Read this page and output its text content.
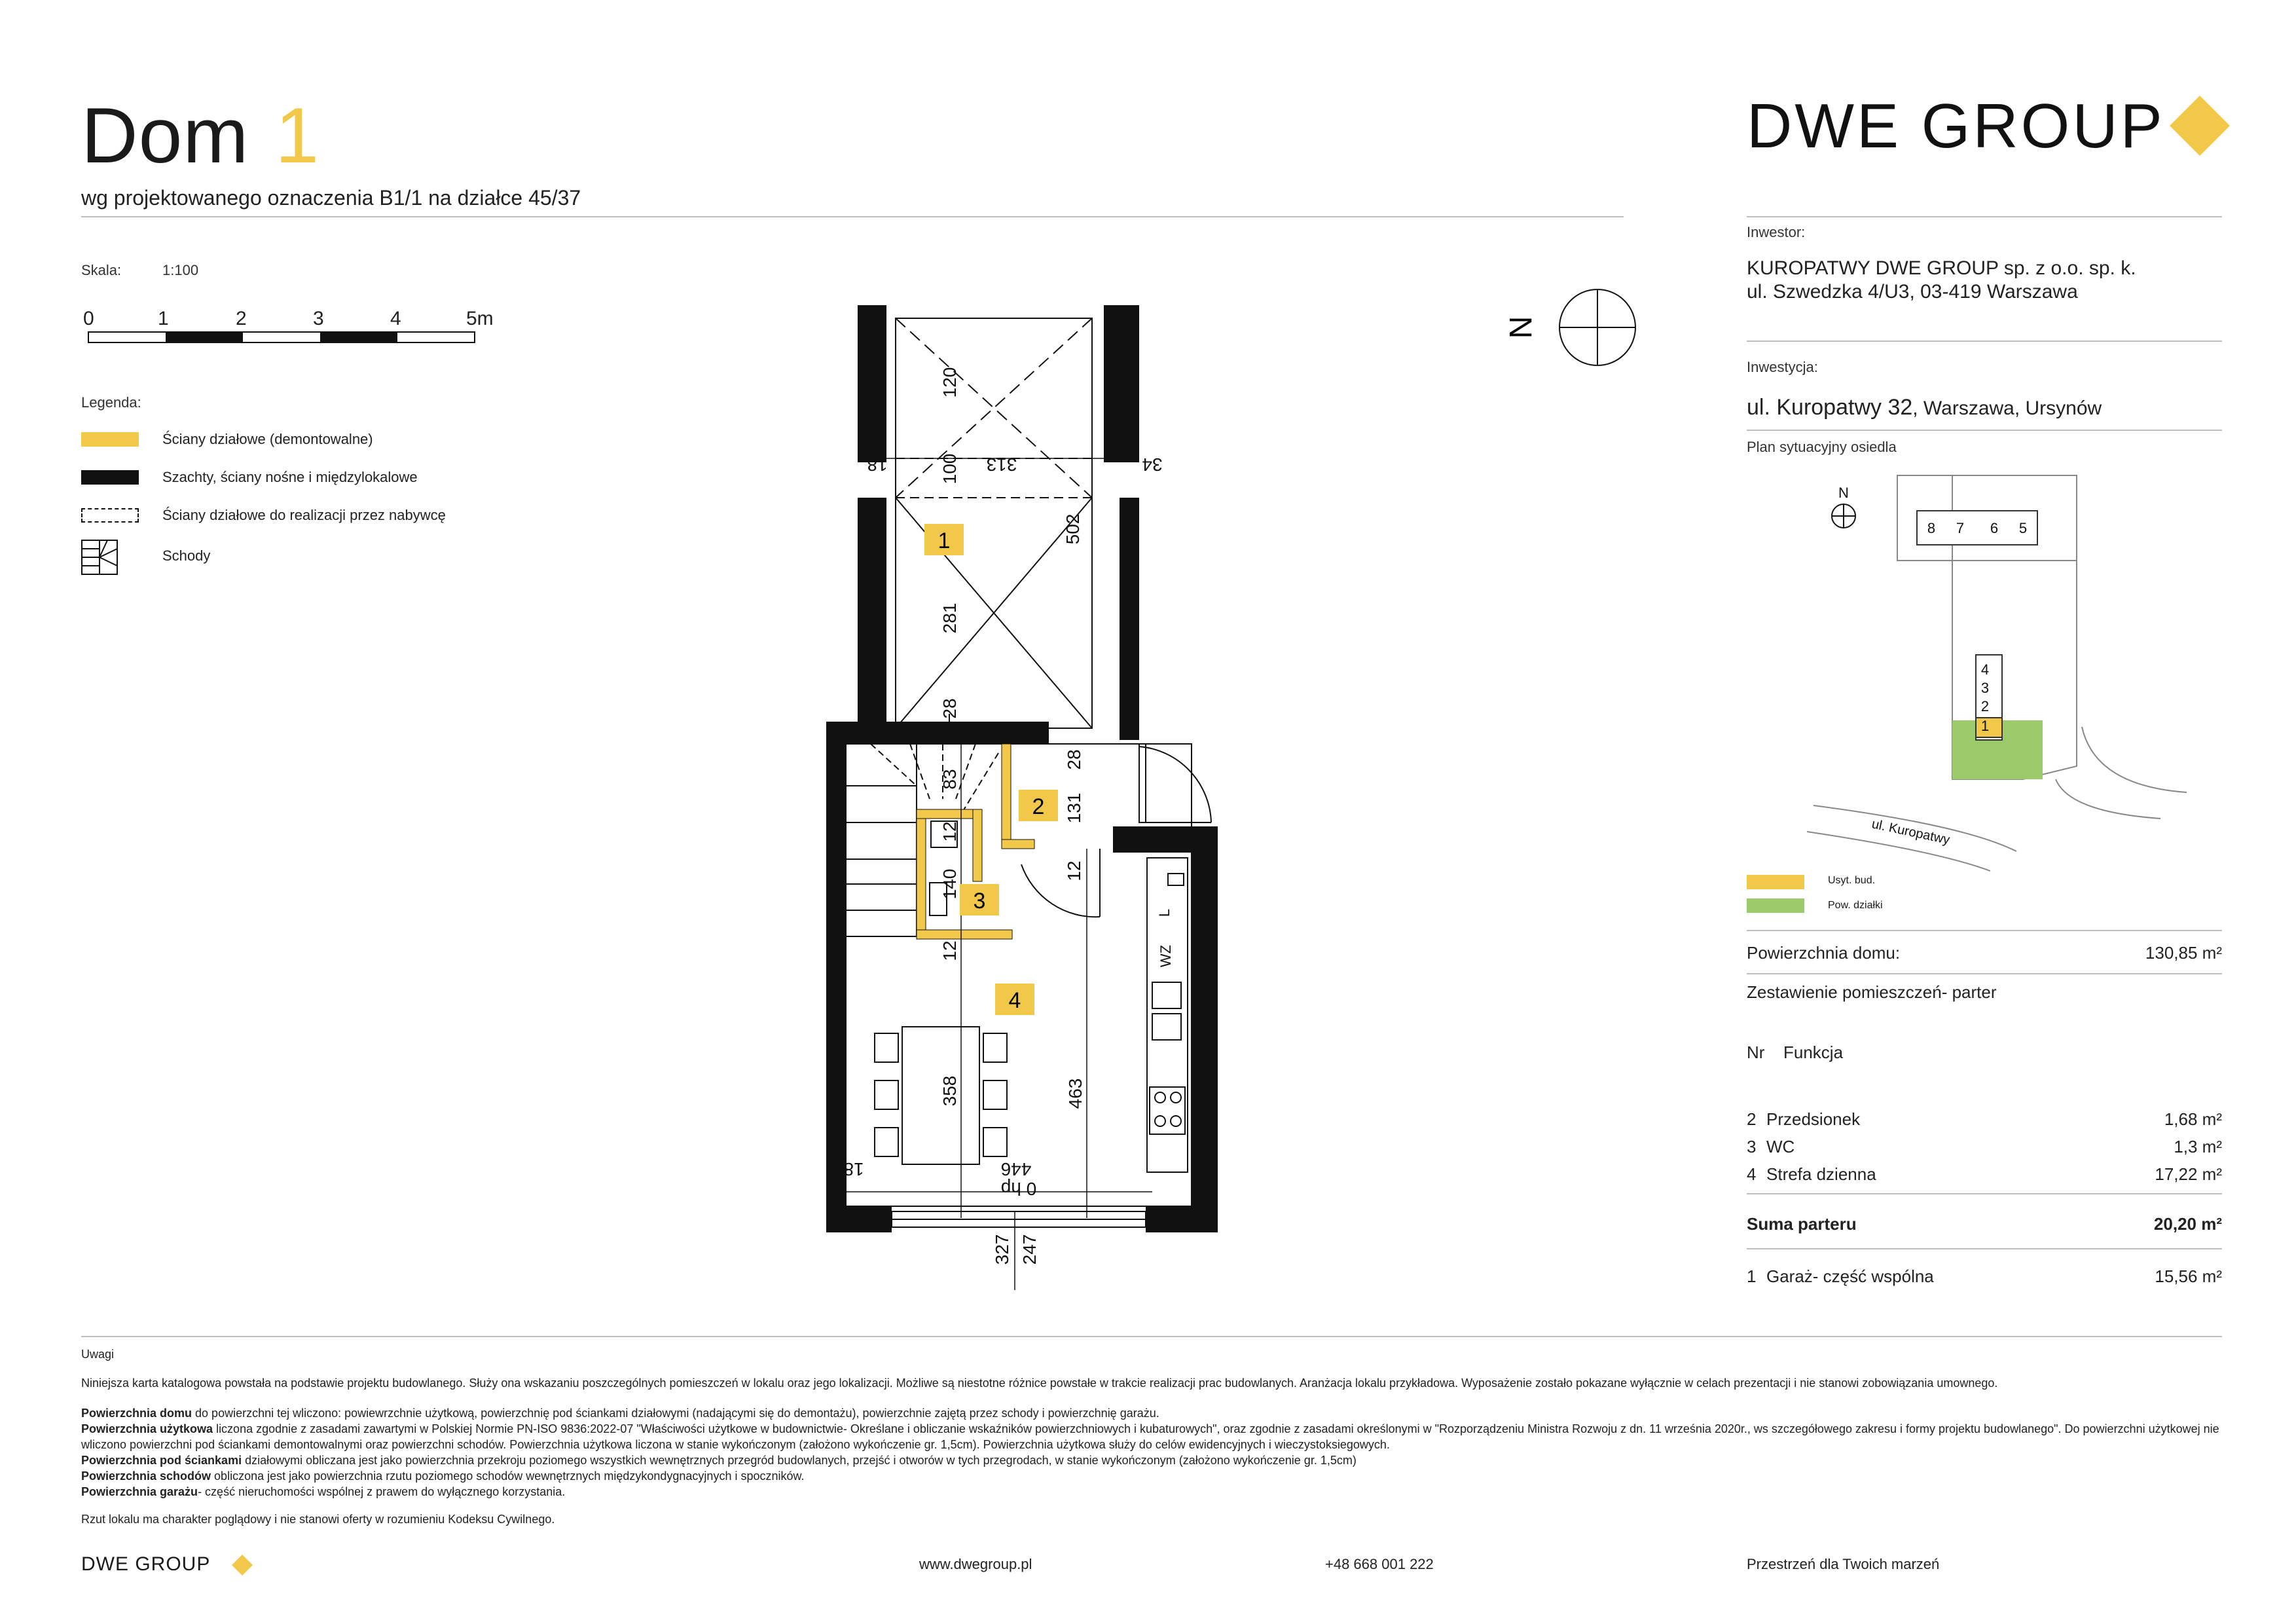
Dom 1
wg projektowanego oznaczenia B1/1 na działce 45/37
Skala:	1:100
0	1	2	3	4	5m
Legenda:
Ściany działowe (demontowalne)
Szachty, ściany nośne i międzylokalowe
Ściany działowe do realizacji przez nabywcę
Schody
1
2
3
4
120
100 313	34
18
502
281
28
28
83
131
12
12
140
12
358	463
446
18
0 hp
327 247
WZ
L
N
DWE GROUP
Inwestor:
KUROPATWY DWE GROUP sp. z o.o. sp. k.
ul. Szwedzka 4/U3, 03-419 Warszawa
Inwestycja:
ul. Kuropatwy 32, Warszawa, Ursynów
Plan sytuacyjny osiedla
8 7 6 5
4
3
2
1
N
ul. Kuropatwy
Usyt. bud.
Pow. działki
Powierzchnia domu:	130,85 m²
Zestawienie pomieszczeń- parter
Nr Funkcja
2 Przedsionek	1,68 m²
3 WC	1,3 m²
4 Strefa dzienna	17,22 m²
Suma parteru	20,20 m²
1 Garaż- część wspólna	15,56 m²
Uwagi
Niniejsza karta katalogowa powstała na podstawie projektu budowlanego. Służy ona wskazaniu poszczególnych pomieszczeń w lokalu oraz jego lokalizacji. Możliwe są niestotne różnice powstałe w trakcie realizacji prac budowlanych. Aranżacja lokalu przykładowa. Wyposażenie zostało pokazane wyłącznie w celach prezentacji i nie stanowi zobowiązania umownego.
Powierzchnia domu do powierzchni tej wliczono: powiewrzchnie użytkową, powierzchnię pod ściankami działowymi (nadającymi się do demontażu), powierzchnie zajętą przez schody i powierzchnię garażu.
Powierzchnia użytkowa liczona zgodnie z zasadami zawartymi w Polskiej Normie PN-ISO 9836:2022-07 "Właściwości użytkowe w budownictwie- Określane i obliczanie wskaźników powierzchniowych i kubaturowych", oraz zgodnie z zasadami określonymi w "Rozporządzeniu Ministra Rozwoju z dn. 11 września 2020r., ws szczegółowego zakresu i formy projektu budowlanego". Do powierzchni użytkowej nie wliczono powierzchni pod ściankami demontowalnymi oraz powierzchni schodów. Powierzchnia użytkowa liczona w stanie wykończonym (założono wykończenie gr. 1,5cm). Powierzchnia użytkowa służy do celów ewidencyjnych i wieczystoksiegowych.
Powierzchnia pod ściankami działowymi obliczana jest jako powierzchnia przekroju poziomego wszystkich wewnętrznych przegród budowlanych, przejść i otworów w tych przegrodach, w stanie wykończonym (założono wykończenie gr. 1,5cm)
Powierzchnia schodów obliczona jest jako powierzchnia rzutu poziomego schodów wewnętrznych międzykondygnacyjnych i spoczników.
Powierzchnia garażu- część nieruchomości wspólnej z prawem do wyłącznego korzystania.
Rzut lokalu ma charakter poglądowy i nie stanowi oferty w rozumieniu Kodeksu Cywilnego.
DWE GROUP	www.dwegroup.pl	+48 668 001 222	Przestrzeń dla Twoich marzeń
